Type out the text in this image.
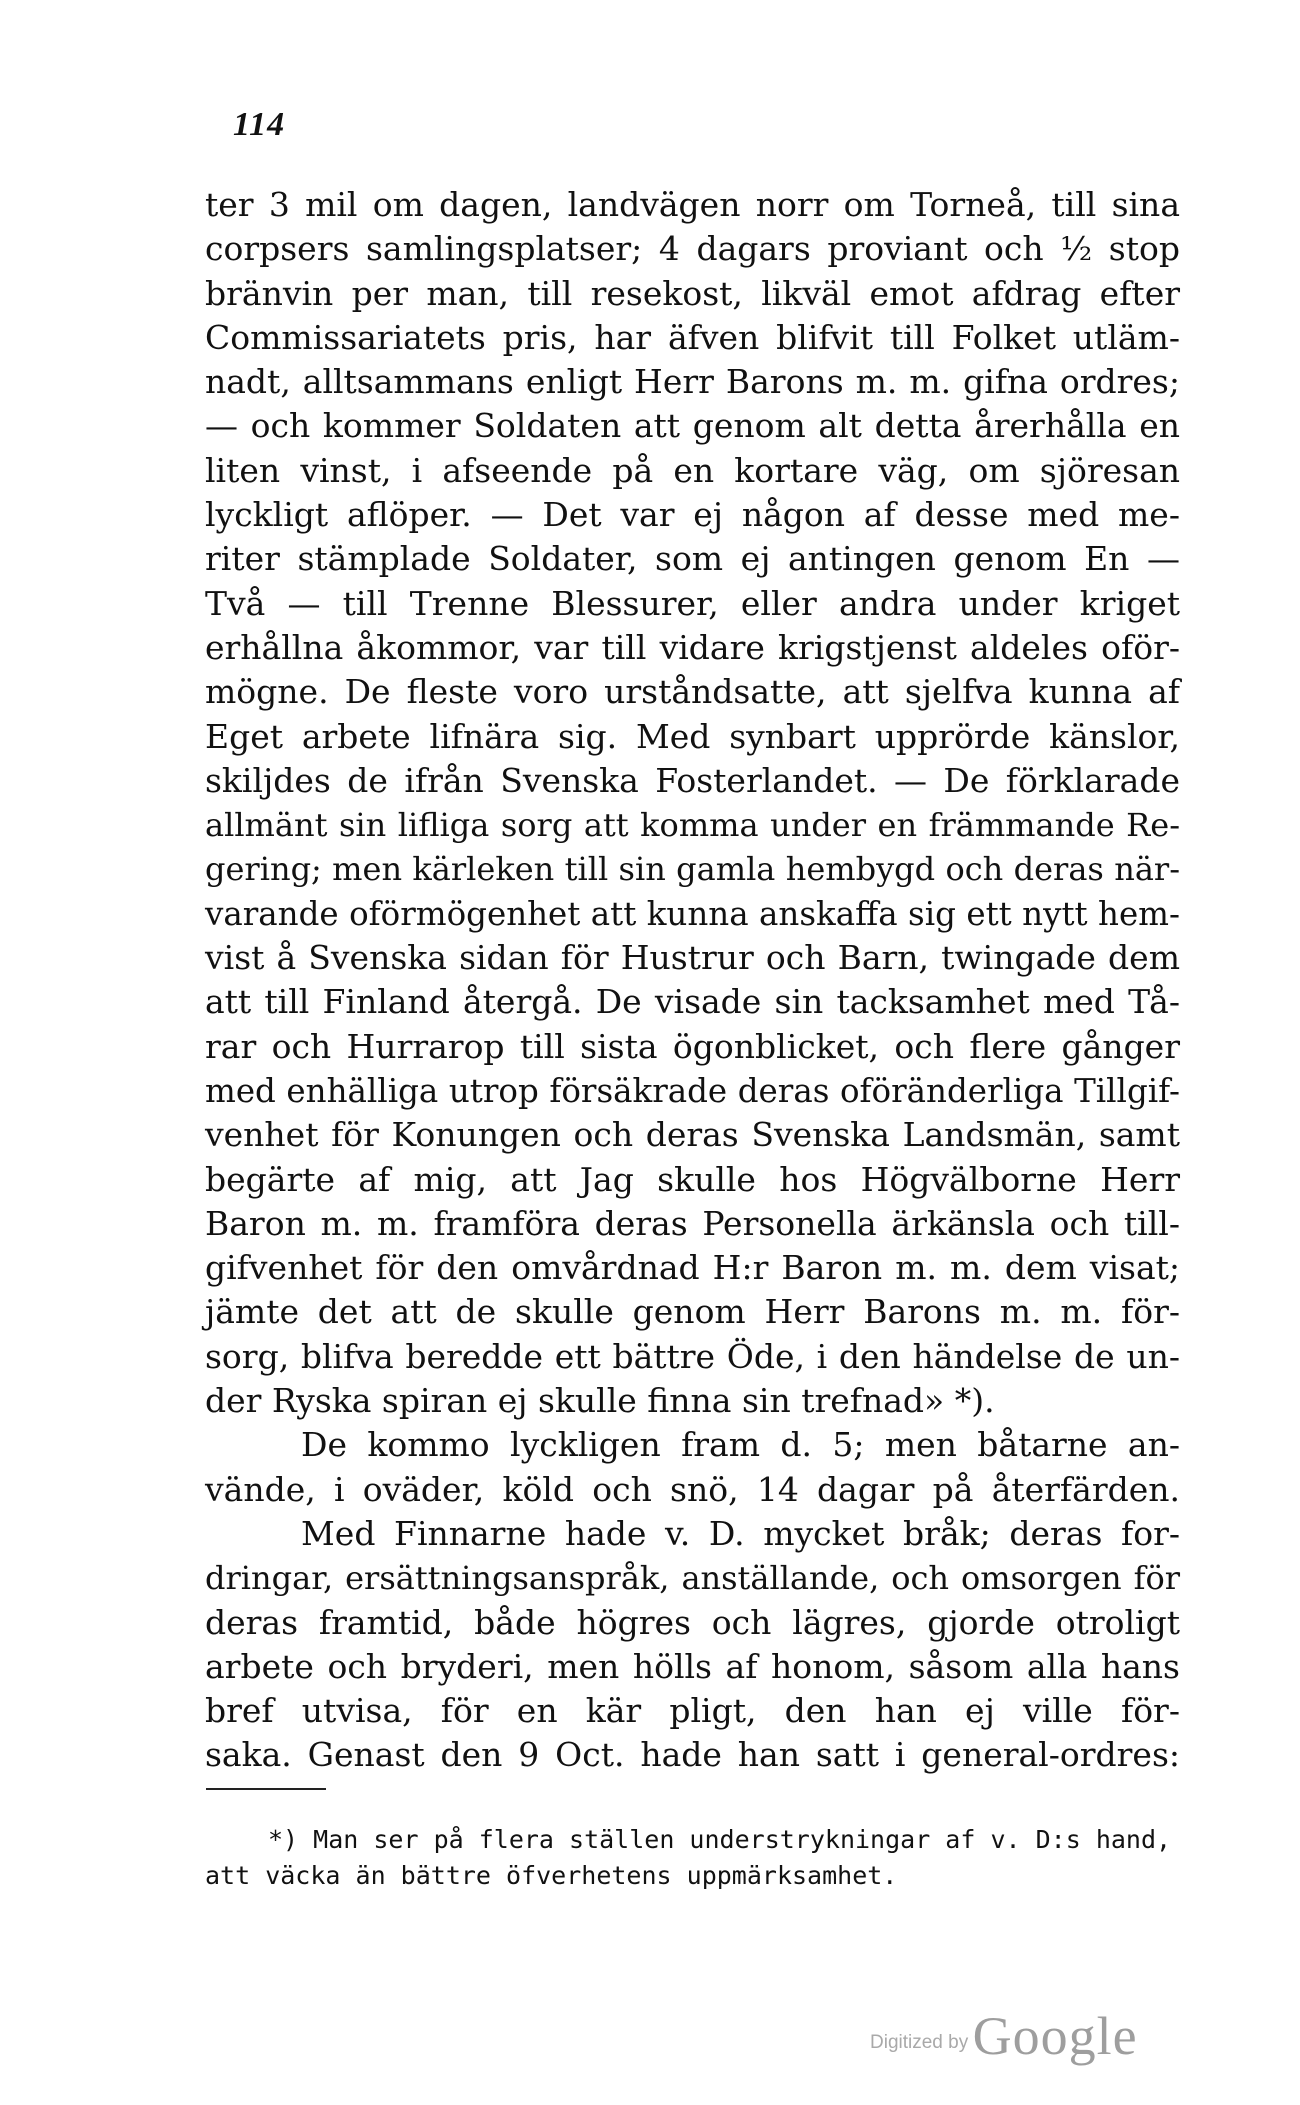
114
ter 3 mil om dagen, landvägen norr om Torneå, till sina
corpsers samlingsplatser; 4 dagars proviant och ½ stop
bränvin per man, till resekost, likväl emot afdrag efter
Commissariatets pris, har äfven blifvit till Folket utläm-
nadt, alltsammans enligt Herr Barons m. m. gifna ordres;
— och kommer Soldaten att genom alt detta årerhålla en
liten vinst, i afseende på en kortare väg, om sjöresan
lyckligt aflöper. — Det var ej någon af desse med me-
riter stämplade Soldater, som ej antingen genom En —
Två — till Trenne Blessurer, eller andra under kriget
erhållna åkommor, var till vidare krigstjenst aldeles oför-
mögne. De fleste voro urståndsatte, att sjelfva kunna af
Eget arbete lifnära sig. Med synbart upprörde känslor,
skiljdes de ifrån Svenska Fosterlandet. — De förklarade
allmänt sin lifliga sorg att komma under en främmande Re-
gering; men kärleken till sin gamla hembygd och deras när-
varande oförmögenhet att kunna anskaffa sig ett nytt hem-
vist å Svenska sidan för Hustrur och Barn, twingade dem
att till Finland återgå. De visade sin tacksamhet med Tå-
rar och Hurrarop till sista ögonblicket, och flere gånger
med enhälliga utrop försäkrade deras oföränderliga Tillgif-
venhet för Konungen och deras Svenska Landsmän, samt
begärte af mig, att Jag skulle hos Högvälborne Herr
Baron m. m. framföra deras Personella ärkänsla och till-
gifvenhet för den omvårdnad H:r Baron m. m. dem visat;
jämte det att de skulle genom Herr Barons m. m. för-
sorg, blifva beredde ett bättre Öde, i den händelse de un-
der Ryska spiran ej skulle finna sin trefnad» *).
De kommo lyckligen fram d. 5; men båtarne an-
vände, i oväder, köld och snö, 14 dagar på återfärden.
Med Finnarne hade v. D. mycket bråk; deras for-
dringar, ersättningsanspråk, anställande, och omsorgen för
deras framtid, både högres och lägres, gjorde otroligt
arbete och bryderi, men hölls af honom, såsom alla hans
bref utvisa, för en kär pligt, den han ej ville för-
saka. Genast den 9 Oct. hade han satt i general-ordres:
*) Man ser på flera ställen understrykningar af v. D:s hand,
att väcka än bättre öfverhetens uppmärksamhet.
Digitized by Google
